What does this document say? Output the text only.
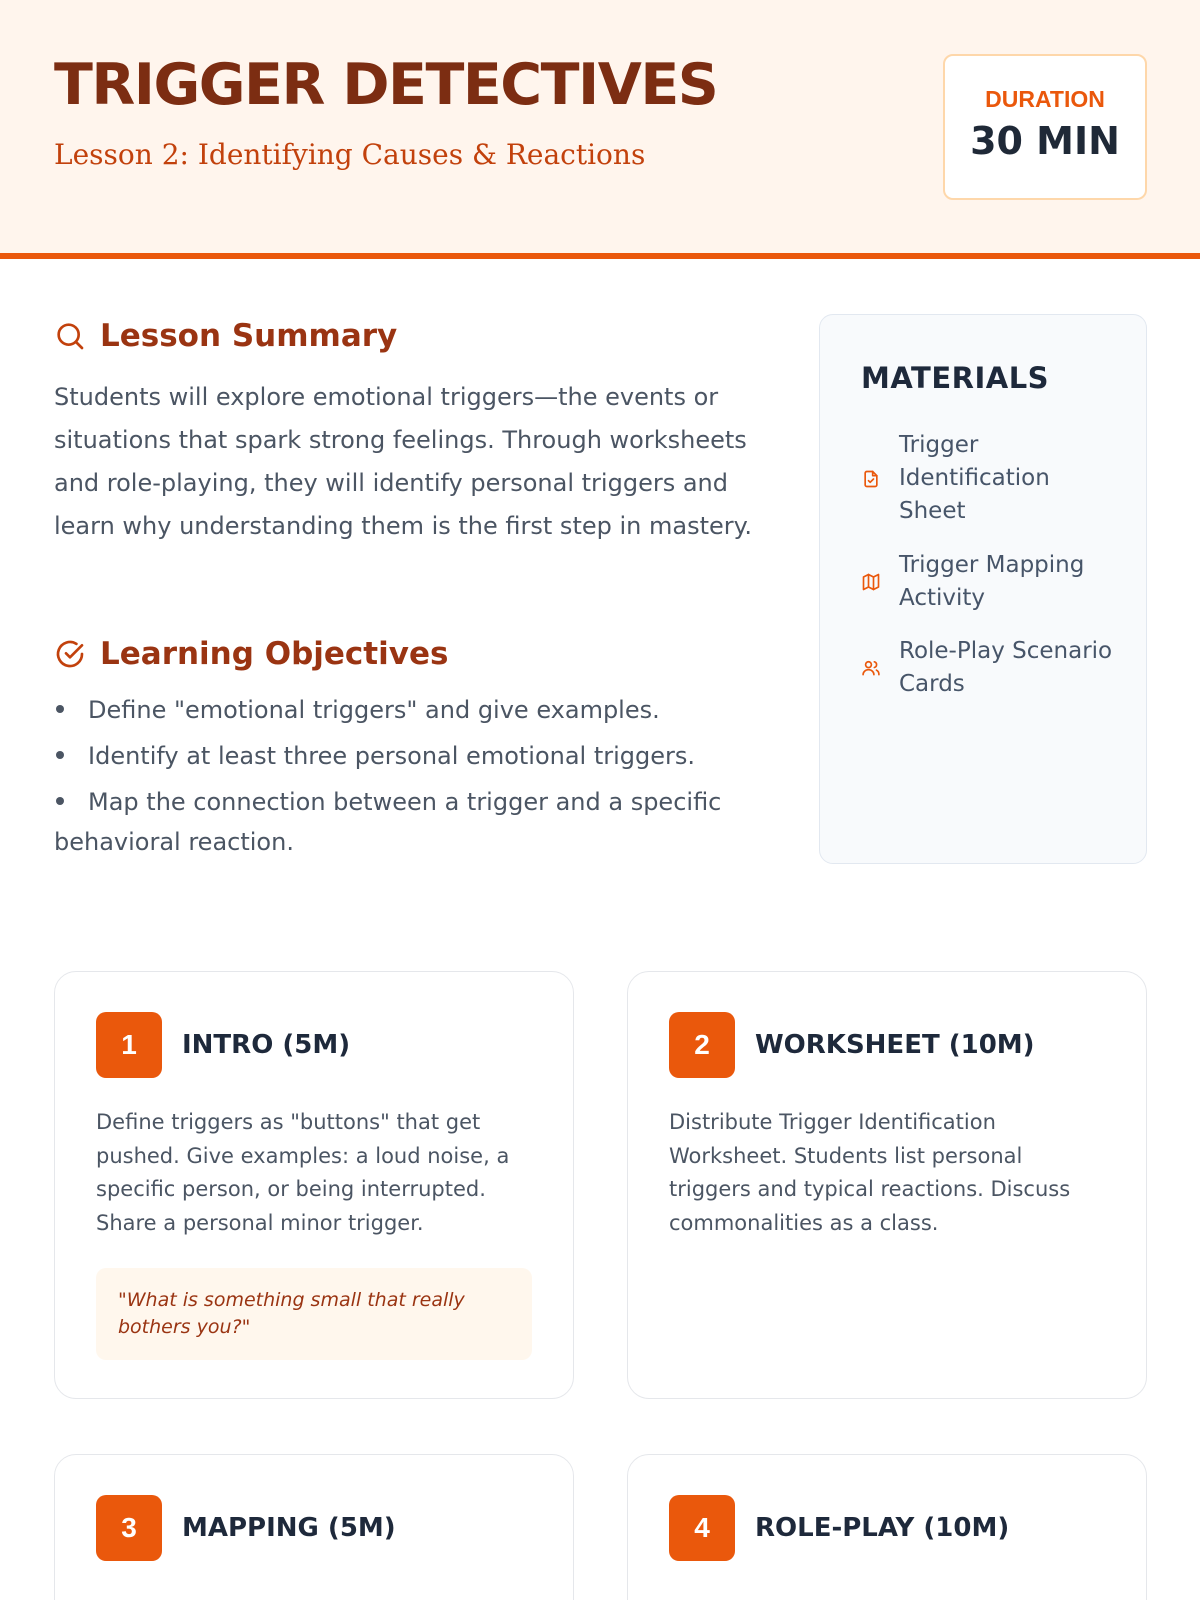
TRIGGER DETECTIVES
Lesson 2: Identifying Causes & Reactions
DURATION
30 MIN
Lesson Summary

Students will explore emotional triggers—the events or situations that spark strong feelings. Through worksheets and role-playing, they will identify personal triggers and learn why understanding them is the first step in mastery.

Learning Objectives
Define "emotional triggers" and give examples.
Identify at least three personal emotional triggers.
Map the connection between a trigger and a specific behavioral reaction.
MATERIALS
Trigger Identification Sheet
Trigger Mapping Activity
Role-Play Scenario Cards
1	INTRO (5M)

Define triggers as "buttons" that get pushed. Give examples: a loud noise, a specific person, or being interrupted. Share a personal minor trigger.

"What is something small that really bothers you?"
2	WORKSHEET (10M)

Distribute Trigger Identification Worksheet. Students list personal triggers and typical reactions. Discuss commonalities as a class.

3	MAPPING (5M)	4	ROLE-PLAY (10M)
